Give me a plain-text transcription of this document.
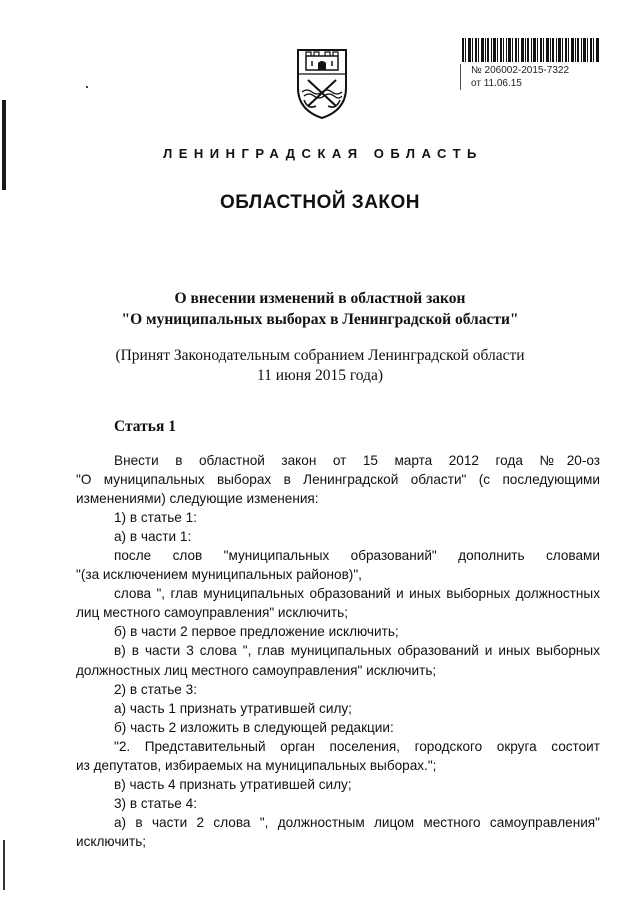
№ 206002-2015-7322
от 11.06.15
ЛЕНИНГРАДСКАЯ ОБЛАСТЬ
ОБЛАСТНОЙ ЗАКОН
О внесении изменений в областной закон
"О муниципальных выборах в Ленинградской области"
(Принят Законодательным собранием Ленинградской области
11 июня 2015 года)
Статья 1

Внести в областной закон от 15 марта 2012 года №20-оз

"О муниципальных выборах в Ленинградской области" (с последующими

изменениями) следующие изменения:

1) в статье 1:

а) в части 1:

после слов "муниципальных образований" дополнить словами

"(за исключением муниципальных районов)",

слова ", глав муниципальных образований и иных выборных должностных

лиц местного самоуправления" исключить;

б) в части 2 первое предложение исключить;

в) в части 3 слова ", глав муниципальных образований и иных выборных

должностных лиц местного самоуправления" исключить;

2) в статье 3:

а) часть 1 признать утратившей силу;

б) часть 2 изложить в следующей редакции:

"2. Представительный орган поселения, городского округа состоит

из депутатов, избираемых на муниципальных выборах.";

в) часть 4 признать утратившей силу;

3) в статье 4:

а) в части 2 слова ", должностным лицом местного самоуправления"

исключить;
